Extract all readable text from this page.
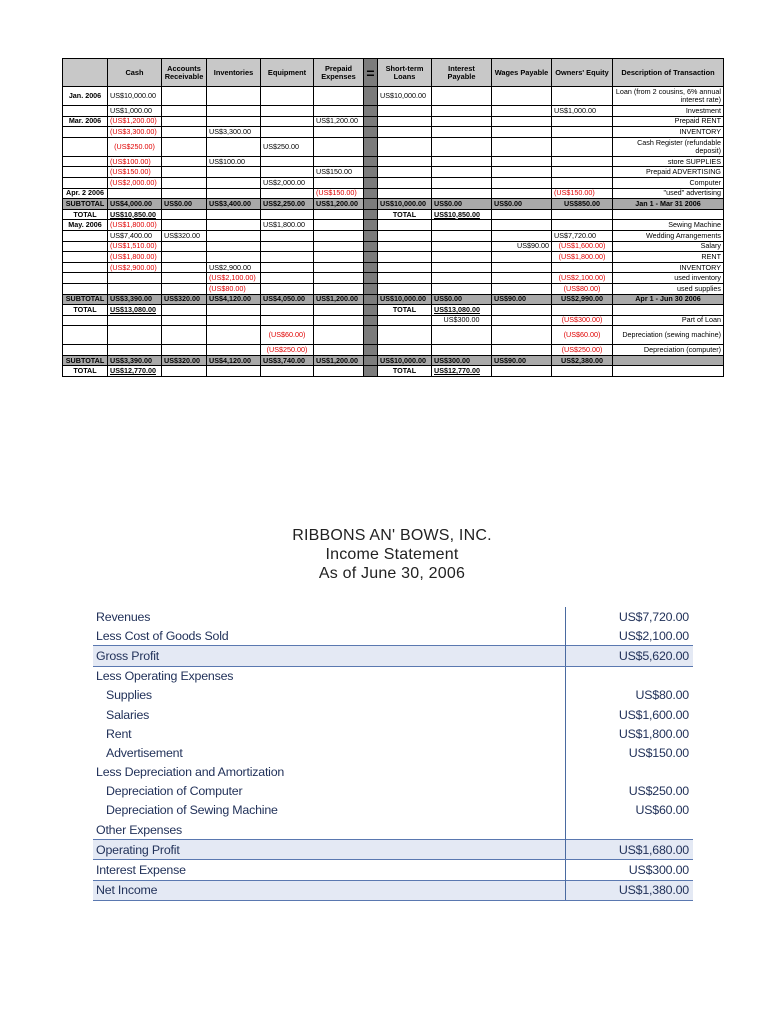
	Cash	Accounts Receivable	Inventories	Equipment	Prepaid Expenses	=	Short-term Loans	Interest Payable	Wages Payable	Owners' Equity	Description of Transaction
Jan. 2006	US$10,000.00						US$10,000.00				Loan (from 2 cousins, 6% annual interest rate)
	US$1,000.00									US$1,000.00	Investment
Mar. 2006	(US$1,200.00)				US$1,200.00						Prepaid RENT
	(US$3,300.00)		US$3,300.00								INVENTORY
	(US$250.00)			US$250.00							Cash Register (refundable deposit)
	(US$100.00)		US$100.00								store SUPPLIES
	(US$150.00)				US$150.00						Prepaid ADVERTISING
	(US$2,000.00)			US$2,000.00							Computer
Apr. 2 2006					(US$150.00)					(US$150.00)	"used" advertising
SUBTOTAL	US$4,000.00	US$0.00	US$3,400.00	US$2,250.00	US$1,200.00		US$10,000.00	US$0.00	US$0.00	US$850.00	Jan 1 - Mar 31 2006
TOTAL	US$10,850.00						TOTAL	US$10,850.00			
May. 2006	(US$1,800.00)			US$1,800.00							Sewing Machine
	US$7,400.00	US$320.00								US$7,720.00	Wedding Arrangements
	(US$1,510.00)								US$90.00	(US$1,600.00)	Salary
	(US$1,800.00)									(US$1,800.00)	RENT
	(US$2,900.00)		US$2,900.00								INVENTORY
			(US$2,100.00)							(US$2,100.00)	used inventory
			(US$80.00)							(US$80.00)	used supplies
SUBTOTAL	US$3,390.00	US$320.00	US$4,120.00	US$4,050.00	US$1,200.00		US$10,000.00	US$0.00	US$90.00	US$2,990.00	Apr 1 - Jun 30 2006
TOTAL	US$13,080.00						TOTAL	US$13,080.00			
								US$300.00		(US$300.00)	Part of Loan
				(US$60.00)						(US$60.00)	Depreciation (sewing machine)
				(US$250.00)						(US$250.00)	Depreciation (computer)
SUBTOTAL	US$3,390.00	US$320.00	US$4,120.00	US$3,740.00	US$1,200.00		US$10,000.00	US$300.00	US$90.00	US$2,380.00	
TOTAL	US$12,770.00						TOTAL	US$12,770.00			
RIBBONS AN' BOWS, INC.
Income Statement
As of June 30, 2006
Revenues	US$7,720.00
Less Cost of Goods Sold	US$2,100.00
Gross Profit	US$5,620.00
Less Operating Expenses	
Supplies	US$80.00
Salaries	US$1,600.00
Rent	US$1,800.00
Advertisement	US$150.00
Less Depreciation and Amortization	
Depreciation of Computer	US$250.00
Depreciation of Sewing Machine	US$60.00
Other Expenses	
Operating Profit	US$1,680.00
Interest Expense	US$300.00
Net Income	US$1,380.00
